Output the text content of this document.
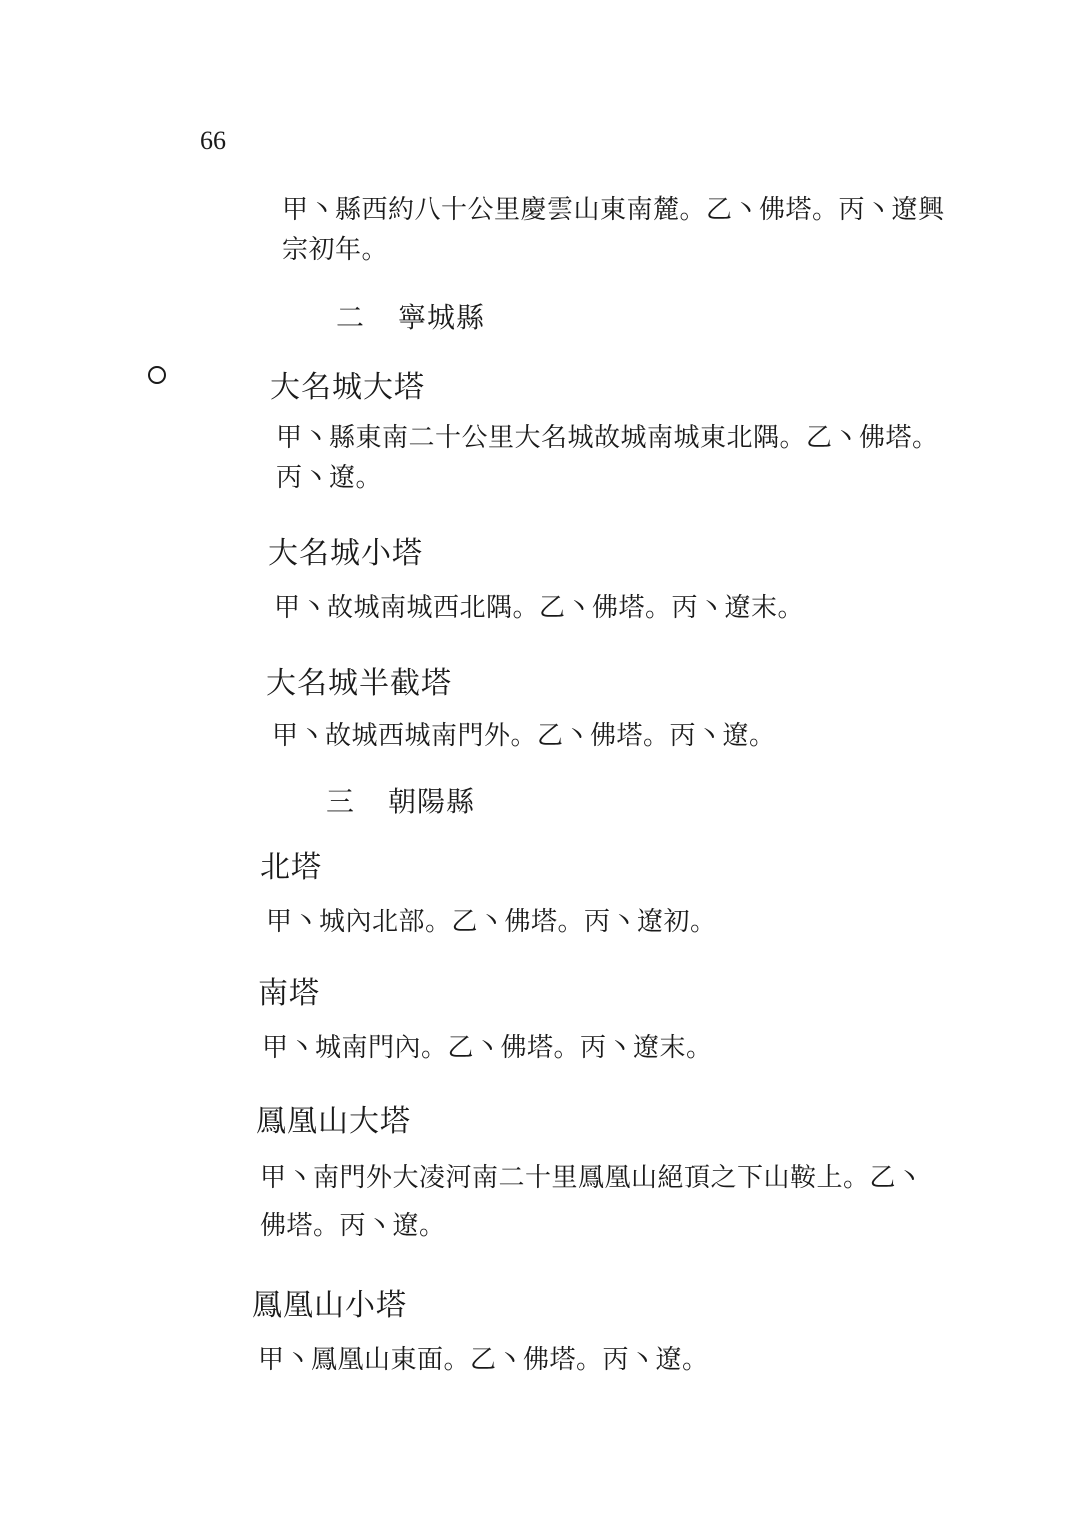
66
甲丶縣西約八十公里慶雲山東南麓。乙丶佛塔。丙丶遼興
宗初年。
二 寧城縣
大名城大塔
甲丶縣東南二十公里大名城故城南城東北隅。乙丶佛塔。
丙丶遼。
大名城小塔
甲丶故城南城西北隅。乙丶佛塔。丙丶遼末。
大名城半截塔
甲丶故城西城南門外。乙丶佛塔。丙丶遼。
三 朝陽縣
北塔
甲丶城內北部。乙丶佛塔。丙丶遼初。
南塔
甲丶城南門內。乙丶佛塔。丙丶遼末。
鳳凰山大塔
甲丶南門外大凌河南二十里鳳凰山絕頂之下山鞍上。乙丶
佛塔。丙丶遼。
鳳凰山小塔
甲丶鳳凰山東面。乙丶佛塔。丙丶遼。
